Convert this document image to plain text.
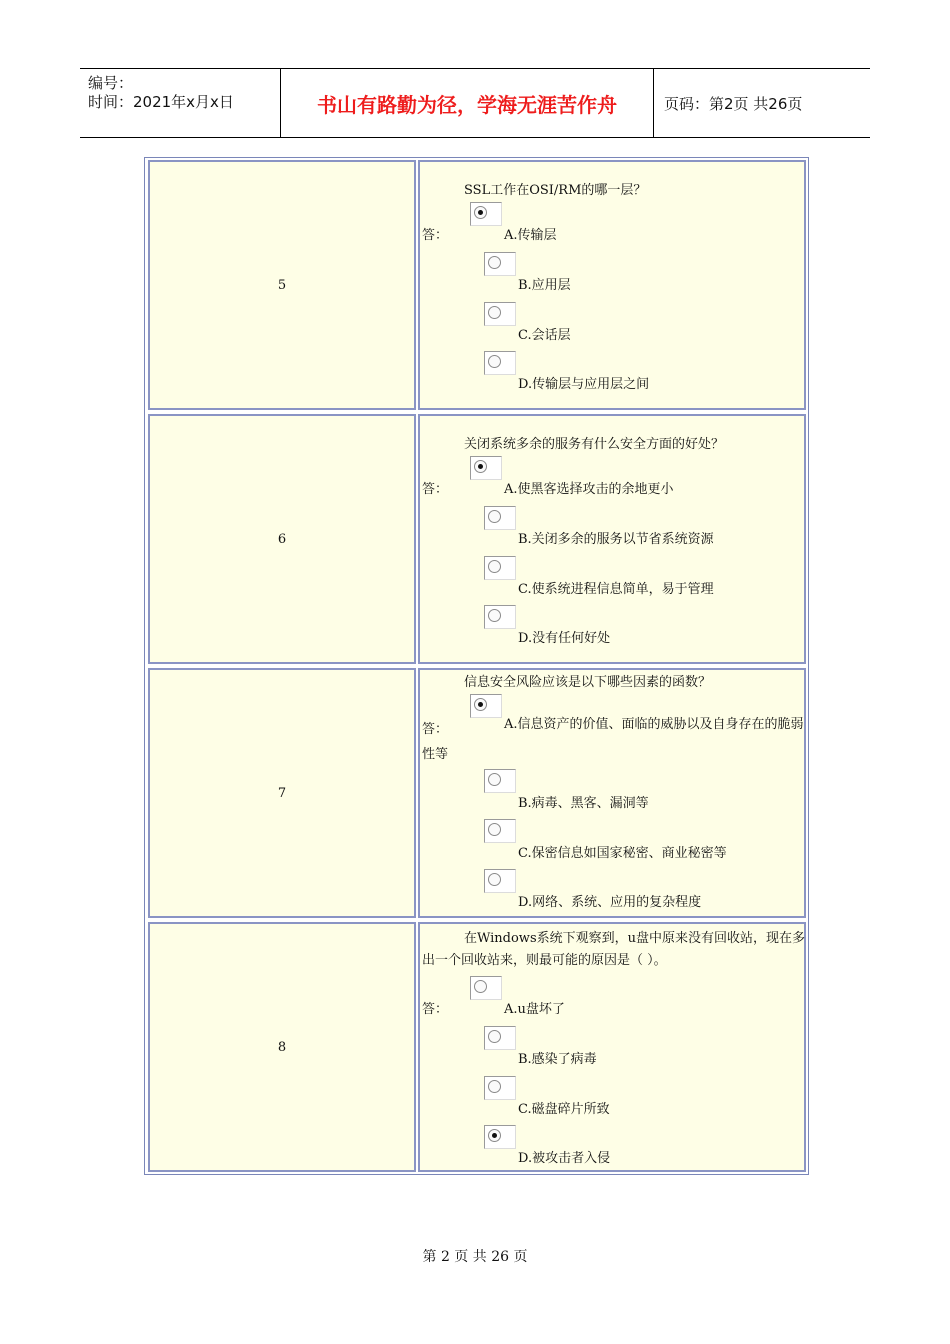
编号：
时间：2021年x月x日	书山有路勤为径，学海无涯苦作舟	页码：第2页 共26页
5
SSL工作在OSI/RM的哪一层？
答：	A.传输层
B.应用层
C.会话层
D.传输层与应用层之间
6
关闭系统多余的服务有什么安全方面的好处？
答：	A.使黑客选择攻击的余地更小
B.关闭多余的服务以节省系统资源
C.使系统进程信息简单，易于管理
D.没有任何好处
7
信息安全风险应该是以下哪些因素的函数？
答：	A.信息资产的价值、面临的威胁以及自身存在的脆弱性等
B.病毒、黑客、漏洞等
C.保密信息如国家秘密、商业秘密等
D.网络、系统、应用的复杂程度
8
在Windows系统下观察到，u盘中原来没有回收站，现在多出一个回收站来，则最可能的原因是（ ）。
答：	A.u盘坏了
B.感染了病毒
C.磁盘碎片所致
D.被攻击者入侵
第 2 页 共 26 页
